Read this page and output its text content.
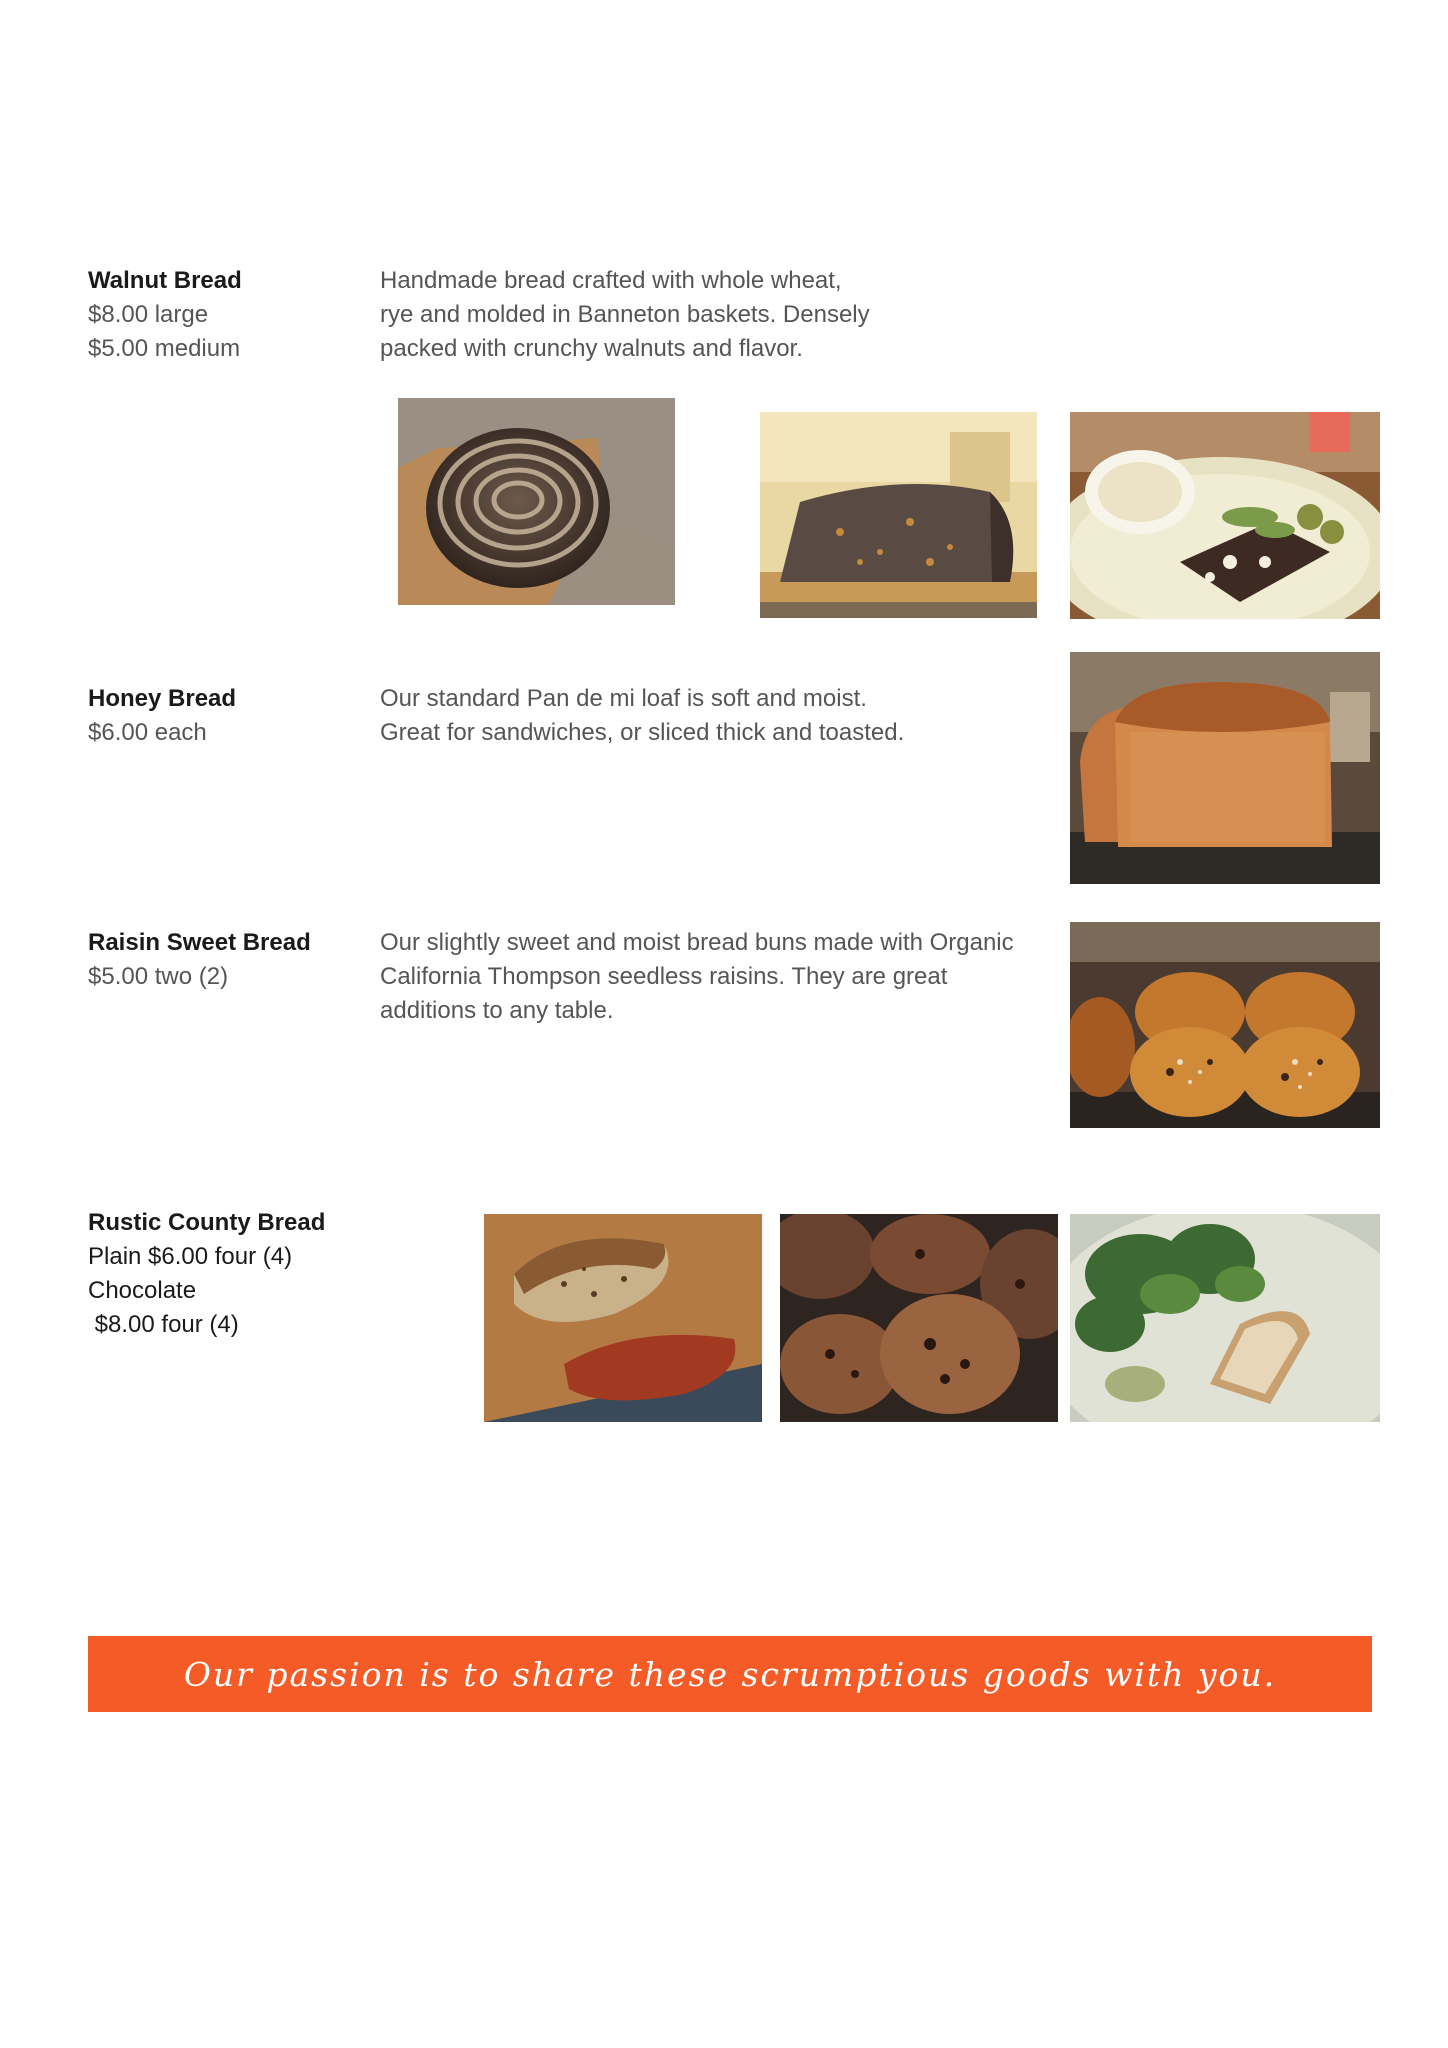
Walnut Bread
$8.00 large
$5.00 medium
Handmade bread crafted with whole wheat,
rye and molded in Banneton baskets. Densely
packed with crunchy walnuts and flavor.
Honey Bread
$6.00 each
Our standard Pan de mi loaf is soft and moist.
Great for sandwiches, or sliced thick and toasted.
Raisin Sweet Bread
$5.00 two (2)
Our slightly sweet and moist bread buns made with Organic
California Thompson seedless raisins. They are great
additions to any table.
Rustic County Bread
Plain $6.00 four (4)
Chocolate
$8.00 four (4)
Our passion is to share these scrumptious goods with you.
